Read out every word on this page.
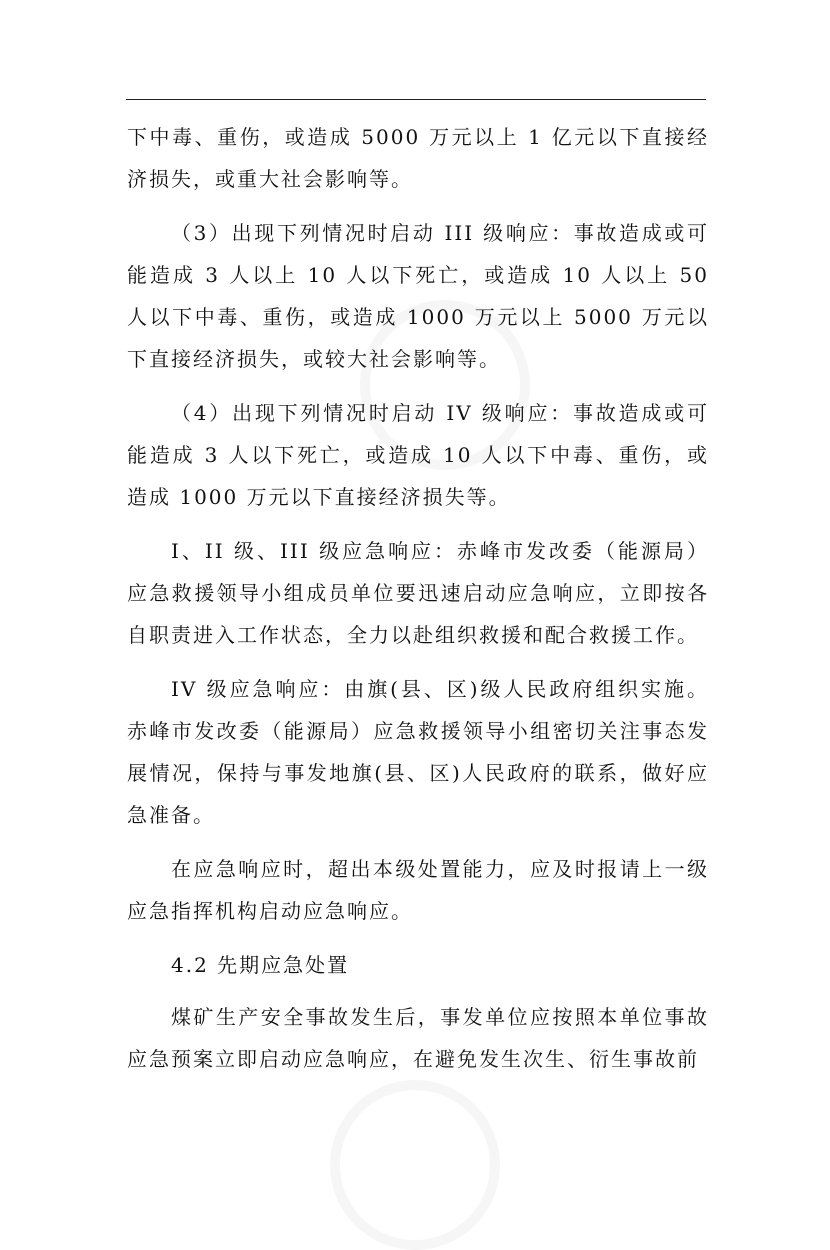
下中毒、重伤，或造成 5000 万元以上 1 亿元以下直接经济损失，或重大社会影响等。

（3）出现下列情况时启动 III 级响应：事故造成或可能造成 3 人以上 10 人以下死亡，或造成 10 人以上 50 人以下中毒、重伤，或造成 1000 万元以上 5000 万元以下直接经济损失，或较大社会影响等。

（4）出现下列情况时启动 IV 级响应：事故造成或可能造成 3 人以下死亡，或造成 10 人以下中毒、重伤，或造成 1000 万元以下直接经济损失等。

I、II 级、III 级应急响应：赤峰市发改委（能源局）应急救援领导小组成员单位要迅速启动应急响应，立即按各自职责进入工作状态，全力以赴组织救援和配合救援工作。

IV 级应急响应：由旗(县、区)级人民政府组织实施。赤峰市发改委（能源局）应急救援领导小组密切关注事态发展情况，保持与事发地旗(县、区)人民政府的联系，做好应急准备。

在应急响应时，超出本级处置能力，应及时报请上一级应急指挥机构启动应急响应。

4.2 先期应急处置

煤矿生产安全事故发生后，事发单位应按照本单位事故应急预案立即启动应急响应，在避免发生次生、衍生事故前
